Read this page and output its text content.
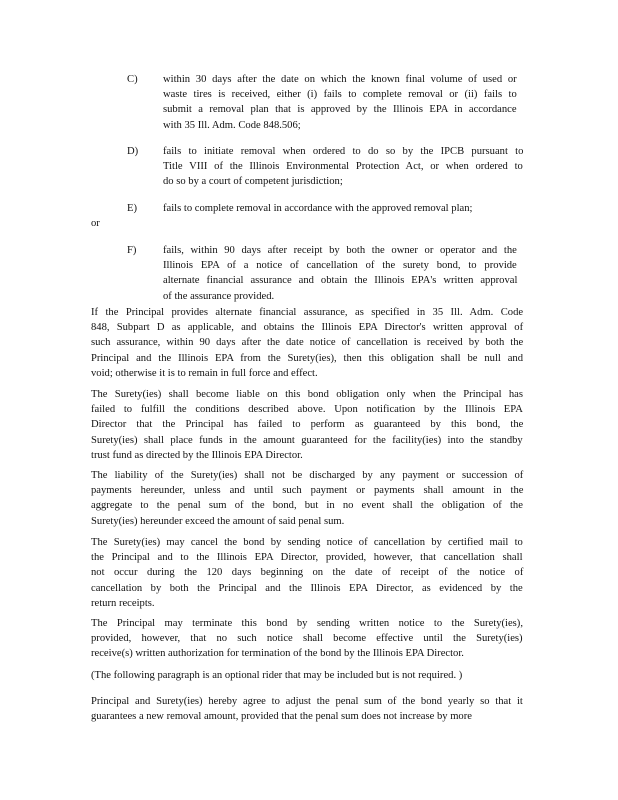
C) within 30 days after the date on which the known final volume of used or
waste tires is received, either (i) fails to complete removal or (ii) fails to
submit a removal plan that is approved by the Illinois EPA in accordance
with 35 Ill. Adm. Code 848.506;
D) fails to initiate removal when ordered to do so by the IPCB pursuant to
Title VIII of the Illinois Environmental Protection Act, or when ordered to
do so by a court of competent jurisdiction;
E) fails to complete removal in accordance with the approved removal plan;
or
F)	fails, within 90 days after receipt by both the owner or operator and the
Illinois EPA of a notice of cancellation of the surety bond, to provide
alternate financial assurance and obtain the Illinois EPA's written approval
of the assurance provided.
If the Principal provides alternate financial assurance, as specified in 35 Ill. Adm. Code
848, Subpart D as applicable, and obtains the Illinois EPA Director's written approval of
such assurance, within 90 days after the date notice of cancellation is received by both the
Principal and the Illinois EPA from the Surety(ies), then this obligation shall be null and
void; otherwise it is to remain in full force and effect.
The Surety(ies) shall become liable on this bond obligation only when the Principal has
failed to fulfill the conditions described above. Upon notification by the Illinois EPA
Director that the Principal has failed to perform as guaranteed by this bond, the
Surety(ies) shall place funds in the amount guaranteed for the facility(ies) into the standby
trust fund as directed by the Illinois EPA Director.
The liability of the Surety(ies) shall not be discharged by any payment or succession of
payments hereunder, unless and until such payment or payments shall amount in the
aggregate to the penal sum of the bond, but in no event shall the obligation of the
Surety(ies) hereunder exceed the amount of said penal sum.
The Surety(ies) may cancel the bond by sending notice of cancellation by certified mail to
the Principal and to the Illinois EPA Director, provided, however, that cancellation shall
not occur during the 120 days beginning on the date of receipt of the notice of
cancellation by both the Principal and the Illinois EPA Director, as evidenced by the
return receipts.
The Principal may terminate this bond by sending written notice to the Surety(ies),
provided, however, that no such notice shall become effective until the Surety(ies)
receive(s) written authorization for termination of the bond by the Illinois EPA Director.
(The following paragraph is an optional rider that may be included but is not required. )
Principal and Surety(ies) hereby agree to adjust the penal sum of the bond yearly so that it
guarantees a new removal amount, provided that the penal sum does not increase by more
